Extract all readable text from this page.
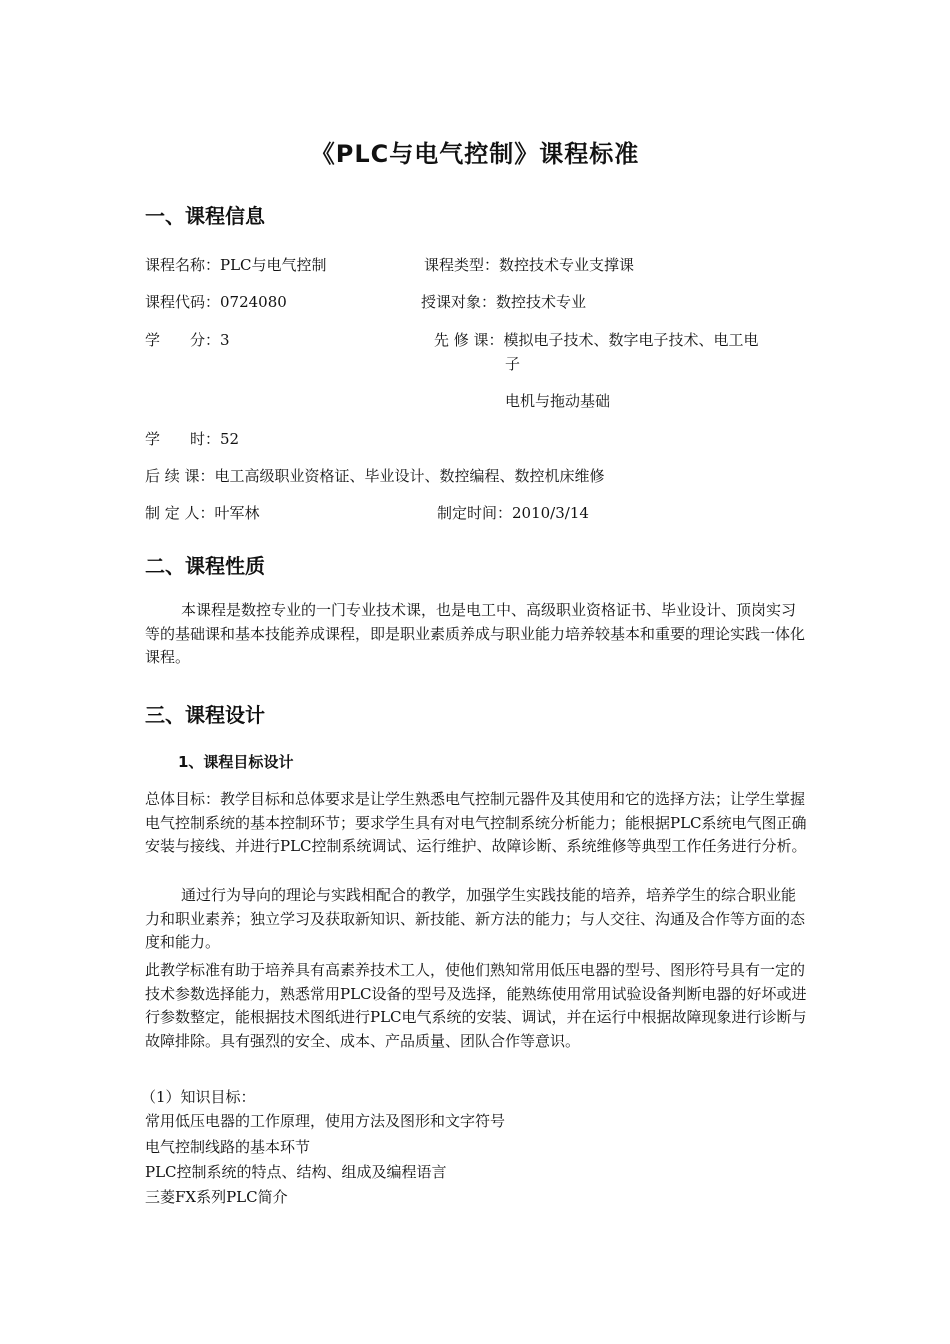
《PLC与电气控制》课程标准
一、课程信息
课程名称：PLC与电气控制	课程类型：数控技术专业支撑课
课程代码：0724080	授课对象：数控技术专业
学　　分：3	先 修 课：模拟电子技术、数字电子技术、电工电
子
电机与拖动基础
学　　时：52
后 续 课：电工高级职业资格证、毕业设计、数控编程、数控机床维修
制 定 人：叶军林	制定时间：2010/3/14
二、课程性质
本课程是数控专业的一门专业技术课，也是电工中、高级职业资格证书、毕业设计、顶岗实习等的基础课和基本技能养成课程，即是职业素质养成与职业能力培养较基本和重要的理论实践一体化课程。
三、课程设计
1、课程目标设计
总体目标：教学目标和总体要求是让学生熟悉电气控制元器件及其使用和它的选择方法；让学生掌握电气控制系统的基本控制环节；要求学生具有对电气控制系统分析能力；能根据PLC系统电气图正确安装与接线、并进行PLC控制系统调试、运行维护、故障诊断、系统维修等典型工作任务进行分析。
通过行为导向的理论与实践相配合的教学，加强学生实践技能的培养，培养学生的综合职业能力和职业素养；独立学习及获取新知识、新技能、新方法的能力；与人交往、沟通及合作等方面的态度和能力。
此教学标准有助于培养具有高素养技术工人，使他们熟知常用低压电器的型号、图形符号具有一定的技术参数选择能力，熟悉常用PLC设备的型号及选择，能熟练使用常用试验设备判断电器的好坏或进行参数整定，能根据技术图纸进行PLC电气系统的安装、调试，并在运行中根据故障现象进行诊断与故障排除。具有强烈的安全、成本、产品质量、团队合作等意识。
（1）知识目标：
常用低压电器的工作原理，使用方法及图形和文字符号
电气控制线路的基本环节
PLC控制系统的特点、结构、组成及编程语言
三菱FX系列PLC简介
